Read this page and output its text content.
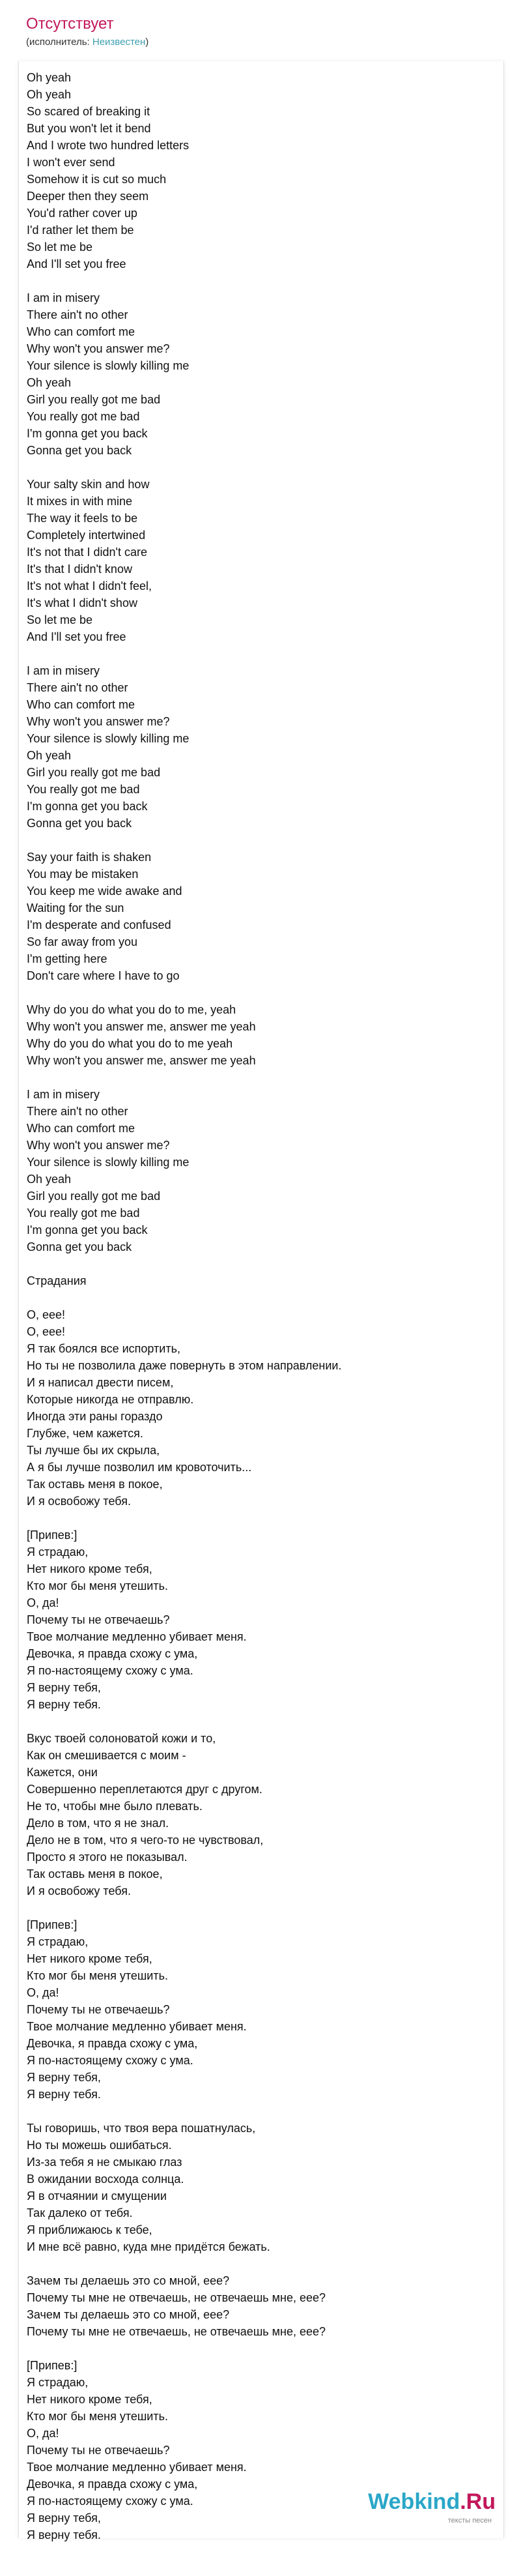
Отсутствует
(исполнитель: Неизвестен)
Oh yeah
Oh yeah
So scared of breaking it
But you won't let it bend
And I wrote two hundred letters
I won't ever send
Somehow it is cut so much
Deeper then they seem
You'd rather cover up
I'd rather let them be
So let me be
And I'll set you free

I am in misery
There ain't no other
Who can comfort me
Why won't you answer me?
Your silence is slowly killing me
Oh yeah
Girl you really got me bad
You really got me bad
I'm gonna get you back
Gonna get you back

Your salty skin and how
It mixes in with mine
The way it feels to be
Completely intertwined
It's not that I didn't care
It's that I didn't know
It's not what I didn't feel,
It's what I didn't show
So let me be
And I'll set you free

I am in misery
There ain't no other
Who can comfort me
Why won't you answer me?
Your silence is slowly killing me
Oh yeah
Girl you really got me bad
You really got me bad
I'm gonna get you back
Gonna get you back

Say your faith is shaken
You may be mistaken
You keep me wide awake and
Waiting for the sun
I'm desperate and confused
So far away from you
I'm getting here
Don't care where I have to go

Why do you do what you do to me, yeah
Why won't you answer me, answer me yeah
Why do you do what you do to me yeah
Why won't you answer me, answer me yeah

I am in misery
There ain't no other
Who can comfort me
Why won't you answer me?
Your silence is slowly killing me
Oh yeah
Girl you really got me bad
You really got me bad
I'm gonna get you back
Gonna get you back

Страдания

О, еее!
О, еее!
Я так боялся все испортить,
Но ты не позволила даже повернуть в этом направлении.
И я написал двести писем,
Которые никогда не отправлю.
Иногда эти раны гораздо
Глубже, чем кажется.
Ты лучше бы их скрыла,
А я бы лучше позволил им кровоточить...
Так оставь меня в покое,
И я освобожу тебя.

[Припев:]
Я страдаю,
Нет никого кроме тебя,
Кто мог бы меня утешить.
О, да!
Почему ты не отвечаешь?
Твое молчание медленно убивает меня.
Девочка, я правда схожу с ума,
Я по-настоящему схожу с ума.
Я верну тебя,
Я верну тебя.

Вкус твоей солоноватой кожи и то,
Как он смешивается с моим -
Кажется, они
Совершенно переплетаются друг с другом.
Не то, чтобы мне было плевать.
Дело в том, что я не знал.
Дело не в том, что я чего-то не чувствовал,
Просто я этого не показывал.
Так оставь меня в покое,
И я освобожу тебя.

[Припев:]
Я страдаю,
Нет никого кроме тебя,
Кто мог бы меня утешить.
О, да!
Почему ты не отвечаешь?
Твое молчание медленно убивает меня.
Девочка, я правда схожу с ума,
Я по-настоящему схожу с ума.
Я верну тебя,
Я верну тебя.

Ты говоришь, что твоя вера пошатнулась,
Но ты можешь ошибаться.
Из-за тебя я не смыкаю глаз
В ожидании восхода солнца.
Я в отчаянии и смущении
Так далеко от тебя.
Я приближаюсь к тебе,
И мне всё равно, куда мне придётся бежать.

Зачем ты делаешь это со мной, еее?
Почему ты мне не отвечаешь, не отвечаешь мне, еее?
Зачем ты делаешь это со мной, еее?
Почему ты мне не отвечаешь, не отвечаешь мне, еее?

[Припев:]
Я страдаю,
Нет никого кроме тебя,
Кто мог бы меня утешить.
О, да!
Почему ты не отвечаешь?
Твое молчание медленно убивает меня.
Девочка, я правда схожу с ума,
Я по-настоящему схожу с ума.
Я верну тебя,
Я верну тебя.
Webkind.Ru
тексты песен
